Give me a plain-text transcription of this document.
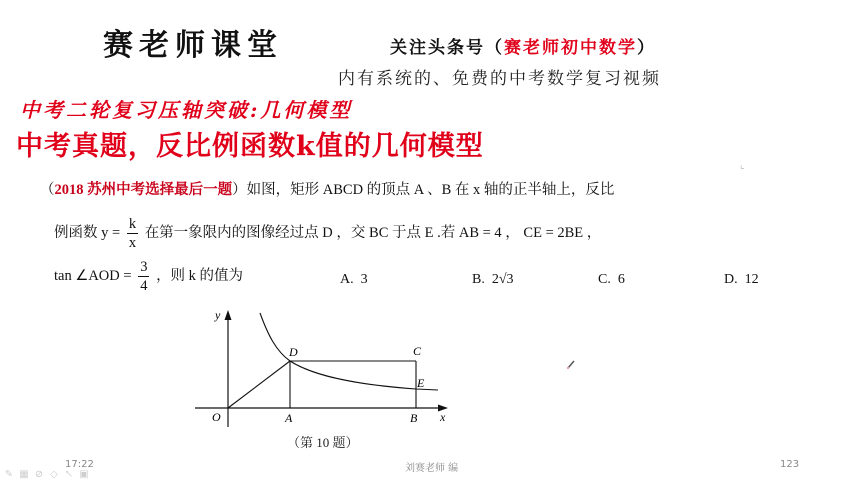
赛老师课堂	关注头条号（赛老师初中数学）
内有系统的、免费的中考数学复习视频
中考二轮复习压轴突破:几何模型
中考真题，反比例函数k值的几何模型
⌞
（2018 苏州中考选择最后一题）如图，矩形 ABCD 的顶点 A 、B 在 x 轴的正半轴上，反比
例函数 $y = \frac{k}{x}$ 在第一象限内的图像经过点 D ，交 BC 于点 E .若 AB = 4 ， CE = 2BE ，
tan ∠AOD = $\frac{3}{4}$ ，则 k 的值为	A. 3	B. 2√3	C. 6	D. 12
y
x
O	A	B
C
D
E
（第 10 题）
17:22	刘赛老师 编	123
✎ ▦ ⊘ ◇ ↖ ▣
